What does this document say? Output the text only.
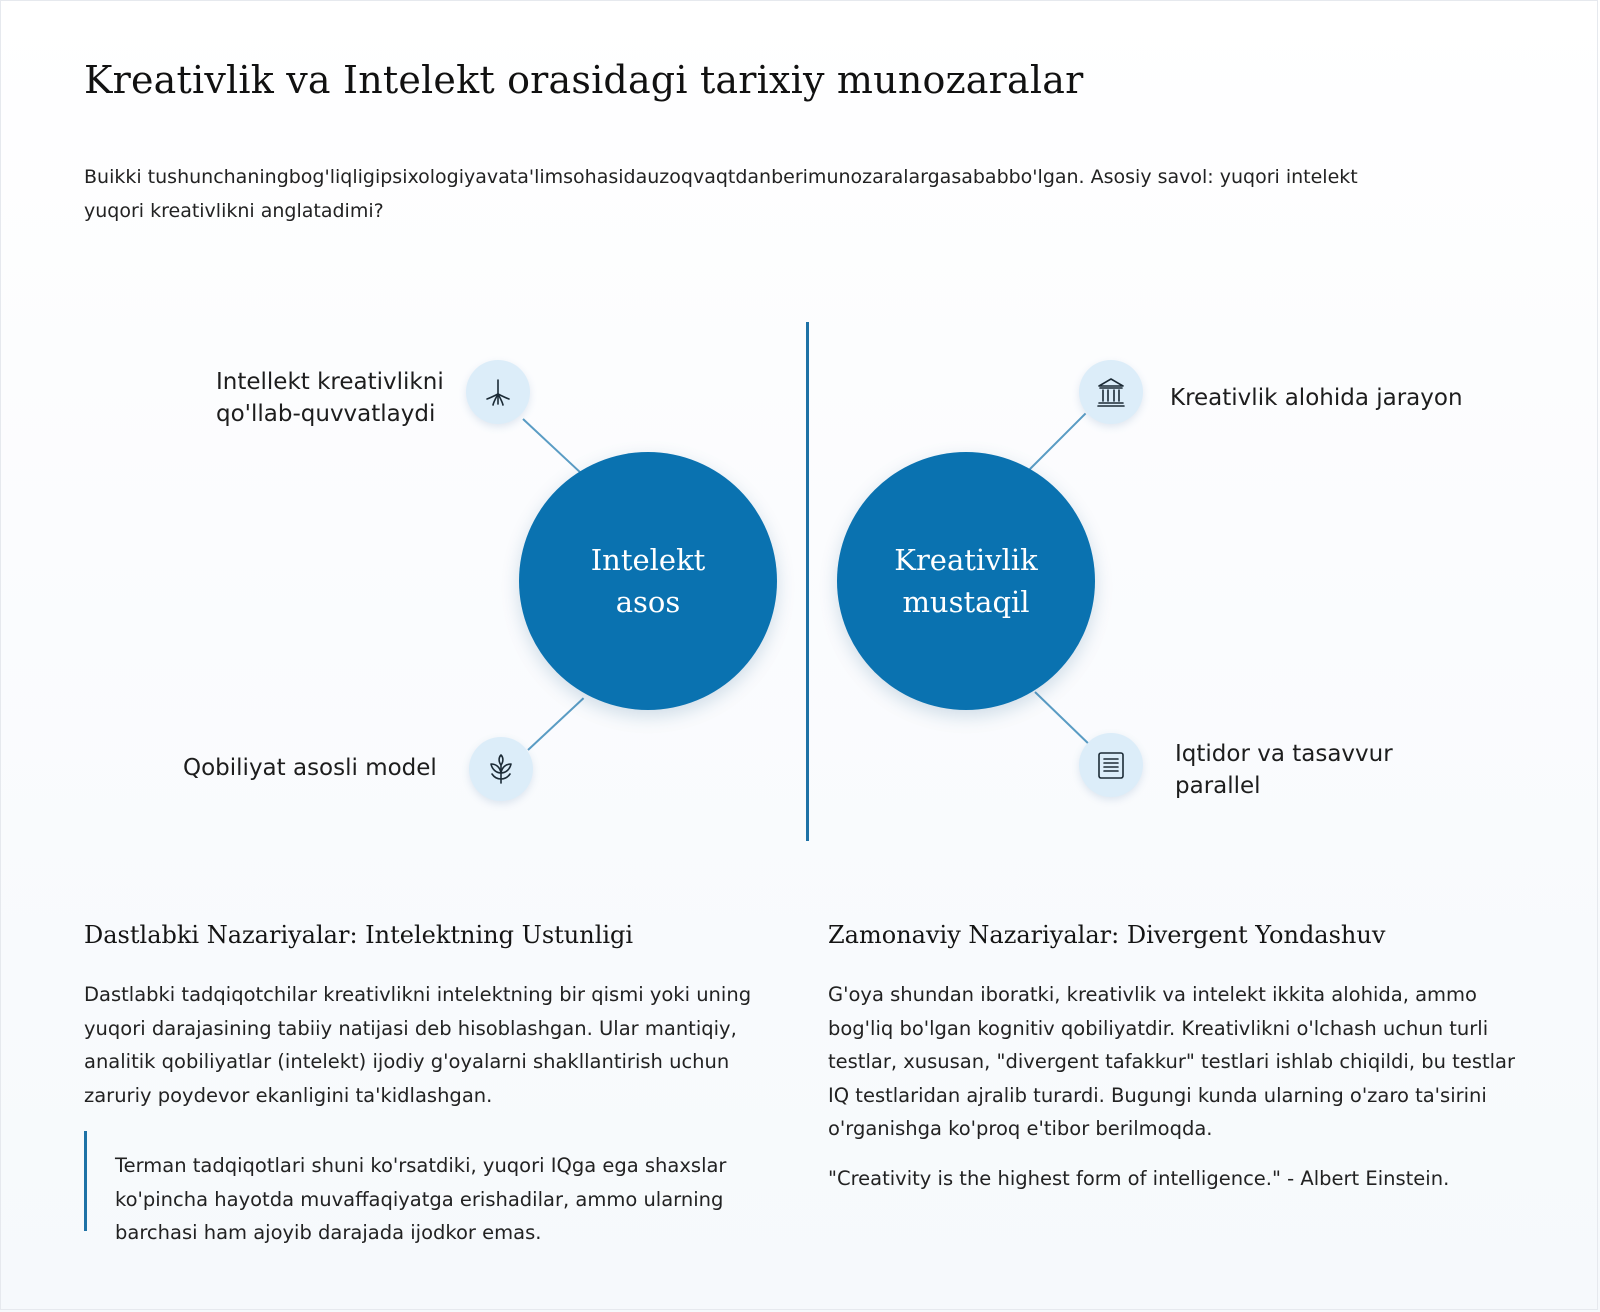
Kreativlik va Intelekt orasidagi tarixiy munozaralar

Buikki tushunchaningbog'liqligipsixologiyavata'limsohasidauzoqvaqtdanberimunozaralargasababbo'lgan. Asosiy savol: yuqori intelekt yuqori kreativlikni anglatadimi?

Intelekt
asos
Kreativlik
mustaqil
Intellekt kreativlikni qo'llab-quvvatlaydi
Qobiliyat asosli model
Kreativlik alohida jarayon
Iqtidor va tasavvur parallel
Dastlabki Nazariyalar: Intelektning Ustunligi

Dastlabki tadqiqotchilar kreativlikni intelektning bir qismi yoki uning yuqori darajasining tabiiy natijasi deb hisoblashgan. Ular mantiqiy, analitik qobiliyatlar (intelekt) ijodiy g'oyalarni shakllantirish uchun zaruriy poydevor ekanligini ta'kidlashgan.

Terman tadqiqotlari shuni ko'rsatdiki, yuqori IQga ega shaxslar ko'pincha hayotda muvaffaqiyatga erishadilar, ammo ularning barchasi ham ajoyib darajada ijodkor emas.

Zamonaviy Nazariyalar: Divergent Yondashuv

G'oya shundan iboratki, kreativlik va intelekt ikkita alohida, ammo bog'liq bo'lgan kognitiv qobiliyatdir. Kreativlikni o'lchash uchun turli testlar, xususan, "divergent tafakkur" testlari ishlab chiqildi, bu testlar IQ testlaridan ajralib turardi. Bugungi kunda ularning o'zaro ta'sirini o'rganishga ko'proq e'tibor berilmoqda.

"Creativity is the highest form of intelligence." - Albert Einstein.
